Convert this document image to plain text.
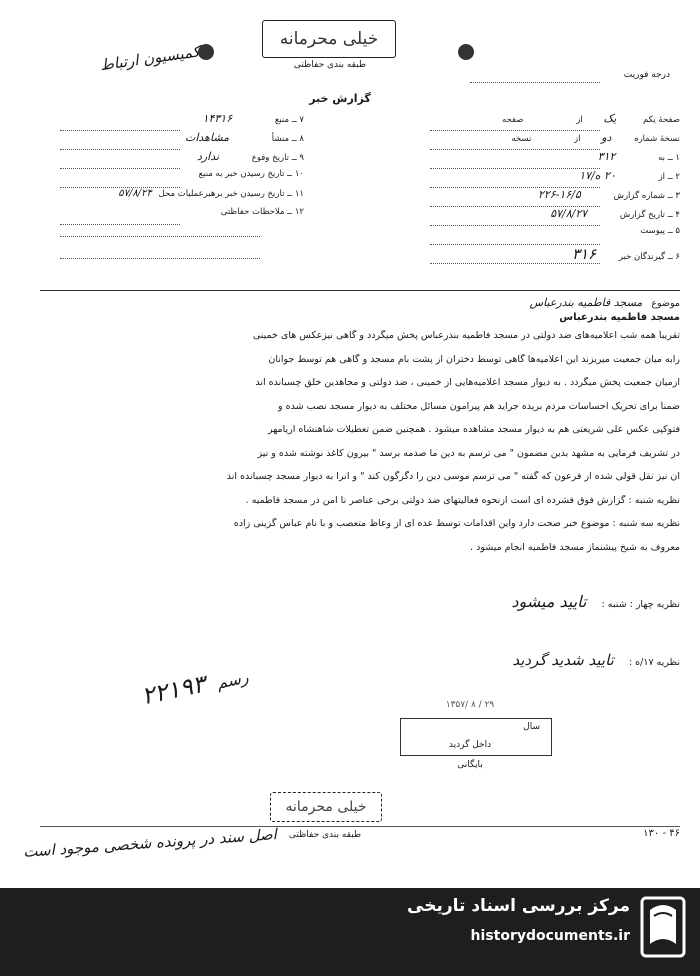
خیلی محرمانه
طبقه بندی حفاظتی
کمیسیون ارتباط
درجه فوریت
گزارش خبر
صفحهٔ یکم یک از صفحه
نسخهٔ شماره دو از نسخه
۱ ــ به ۳۱۲
۲ ــ از ۲۰ ه/۱۷
۳ ــ شماره گزارش ۱۶/۵-۲۲۶
۴ ــ تاریخ گزارش ۵۷/۸/۲۷
۵ ــ پیوست
۶ ــ گیرندگان خبر ۳۱۶
۷ ــ منبع ۱۴۳۱۶
۸ ــ منشأ مشاهدات
۹ ــ تاریخ وقوع ندارد
۱۰ ــ تاریخ رسیدن خبر به منبع
۱۱ ــ تاریخ رسیدن خبر برهبرعملیات محل ۵۷/۸/۲۴
۱۲ ــ ملاحظات حفاظتی
موضوع مسجد فاطمیه بندرعباس
مسجد فاطمیه بندرعباس
تقریباً همه شب اعلامیه‌های ضد دولتی در مسجد فاطمیه بندرعباس پخش میگردد و گاهی نیزعکس های خمینی
رابه میان جمعیت میریزند این اعلامیه‌ها گاهی توسط دختران از پشت بام مسجد و گاهی هم توسط جوانان
ازمیان جمعیت پخش میگردد . به دیوار مسجد اعلامیه‌هایی از خمینی ، ضد دولتی و مجاهدین خلق چسبانده اند
ضمناً برای تحریک احساسات مردم بریده جراید هم پیرامون مسائل مختلف به دیوار مسجد نصب شده و
فتوکپی عکس علی شریعتی هم به دیوار مسجد مشاهده میشود . همچنین ضمن تعطیلات شاهنشاه آریامهر
در تشریف فرمایی به مشهد بدین مضمون " می ترسم به دین ما صدمه برسد " بیرون کاغذ نوشته شده و نیز
آن نیز نقل قولی شده از فرعون که گفته " می ترسم موسی دین را دگرگون کند " و آنرا به دیوار مسجد چسبانده اند
نظریه شنبه : گزارش فوق فشرده ای است ازنحوه فعالیتهای ضد دولتی برخی عناصر نا امن در مسجد فاطمیه .
نظریه سه شنبه : موضوع خبر صحت دارد واین اقدامات توسط عده ای از وعاظ متعصب و با نام عباس گزینی زاده
معروف به شیخ پیشنماز مسجد فاطمیه انجام میشود .
نظریه چهار : شنبه : تایید میشود
نظریه ۱۷/ه : تایید شدید گردید
۲۲۱۹۳ رسم
۱۳۵۷/ ۸ / ۲۹
سال
داخل گردید
بایگانی
خیلی محرمانه
طبقه بندی حفاظتی	۱۳۰ - ۴۶
اصل سند در پرونده شخصی موجود است
مرکز بررسی اسناد تاریخی
historydocuments.ir
